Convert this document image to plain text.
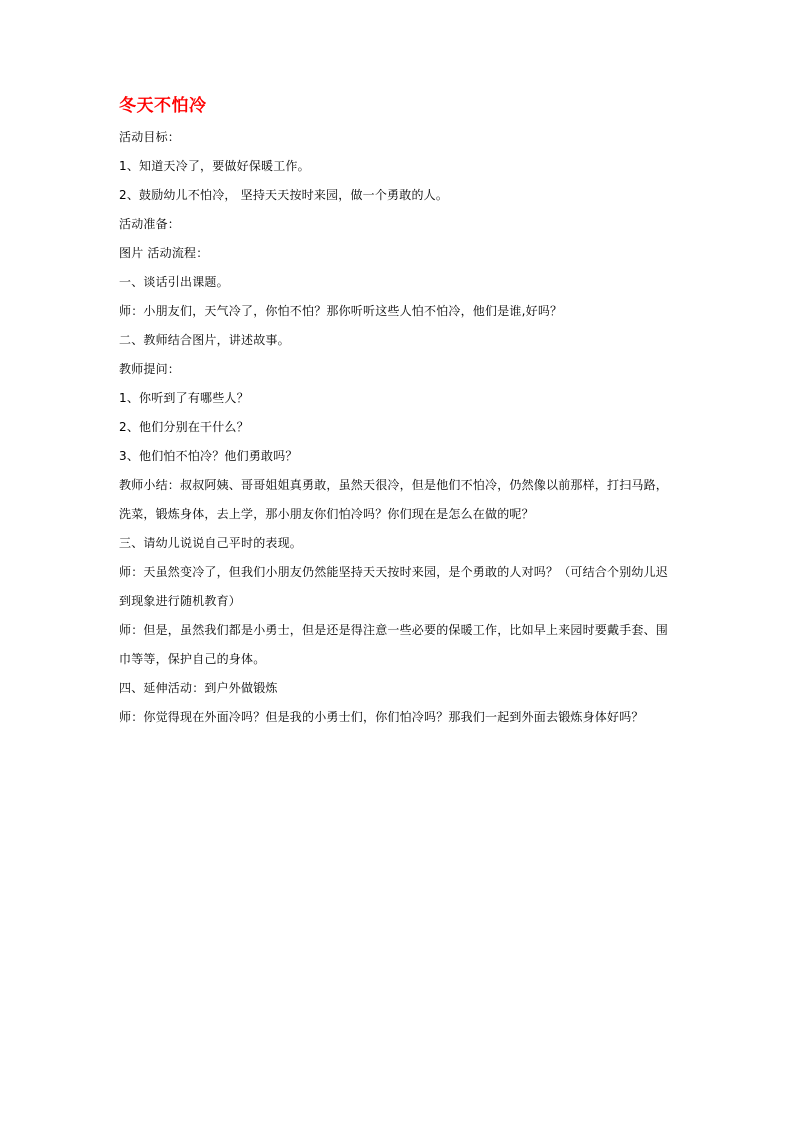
冬天不怕冷

活动目标：

1、知道天冷了，要做好保暖工作。

2、鼓励幼儿不怕冷， 坚持天天按时来园，做一个勇敢的人。

活动准备：

图片 活动流程：

一、谈话引出课题。

师：小朋友们，天气冷了，你怕不怕？那你听听这些人怕不怕冷，他们是谁,好吗？

二、教师结合图片，讲述故事。

教师提问：

1、你听到了有哪些人？

2、他们分别在干什么？

3、他们怕不怕冷？他们勇敢吗？

教师小结：叔叔阿姨、哥哥姐姐真勇敢，虽然天很冷，但是他们不怕冷，仍然像以前那样，打扫马路，洗菜，锻炼身体，去上学，那小朋友你们怕冷吗？你们现在是怎么在做的呢？

三、请幼儿说说自己平时的表现。

师：天虽然变冷了，但我们小朋友仍然能坚持天天按时来园，是个勇敢的人对吗？（可结合个别幼儿迟到现象进行随机教育）

师：但是，虽然我们都是小勇士，但是还是得注意一些必要的保暖工作，比如早上来园时要戴手套、围巾等等，保护自己的身体。

四、延伸活动：到户外做锻炼

师：你觉得现在外面冷吗？但是我的小勇士们，你们怕冷吗？那我们一起到外面去锻炼身体好吗？
